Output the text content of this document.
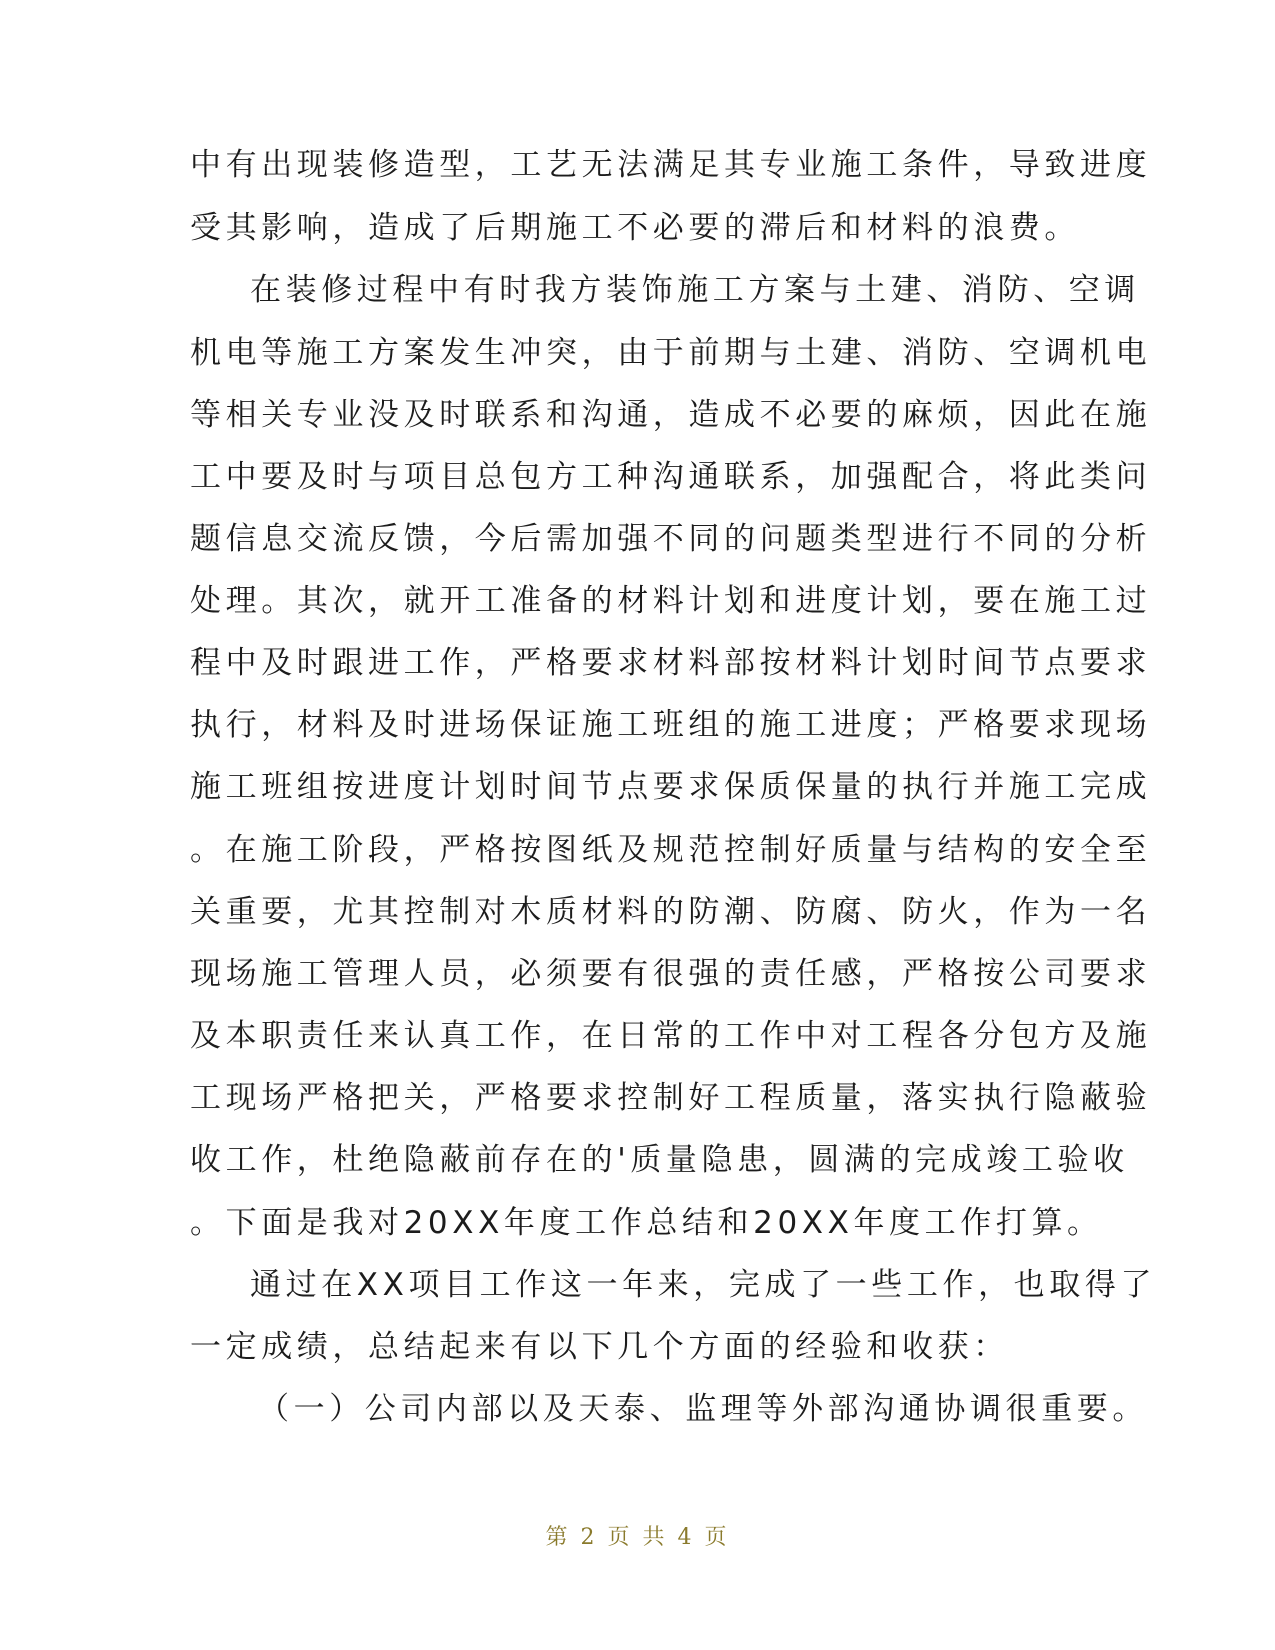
中有出现装修造型，工艺无法满足其专业施工条件，导致进度
受其影响，造成了后期施工不必要的滞后和材料的浪费。
在装修过程中有时我方装饰施工方案与土建、消防、空调
机电等施工方案发生冲突，由于前期与土建、消防、空调机电
等相关专业没及时联系和沟通，造成不必要的麻烦，因此在施
工中要及时与项目总包方工种沟通联系，加强配合，将此类问
题信息交流反馈，今后需加强不同的问题类型进行不同的分析
处理。其次，就开工准备的材料计划和进度计划，要在施工过
程中及时跟进工作，严格要求材料部按材料计划时间节点要求
执行，材料及时进场保证施工班组的施工进度；严格要求现场
施工班组按进度计划时间节点要求保质保量的执行并施工完成
。在施工阶段，严格按图纸及规范控制好质量与结构的安全至
关重要，尤其控制对木质材料的防潮、防腐、防火，作为一名
现场施工管理人员，必须要有很强的责任感，严格按公司要求
及本职责任来认真工作，在日常的工作中对工程各分包方及施
工现场严格把关，严格要求控制好工程质量，落实执行隐蔽验
收工作，杜绝隐蔽前存在的'质量隐患，圆满的完成竣工验收
。下面是我对20XX年度工作总结和20XX年度工作打算。
通过在XX项目工作这一年来，完成了一些工作，也取得了
一定成绩，总结起来有以下几个方面的经验和收获：
（一）公司内部以及天泰、监理等外部沟通协调很重要。
第 2 页 共 4 页
